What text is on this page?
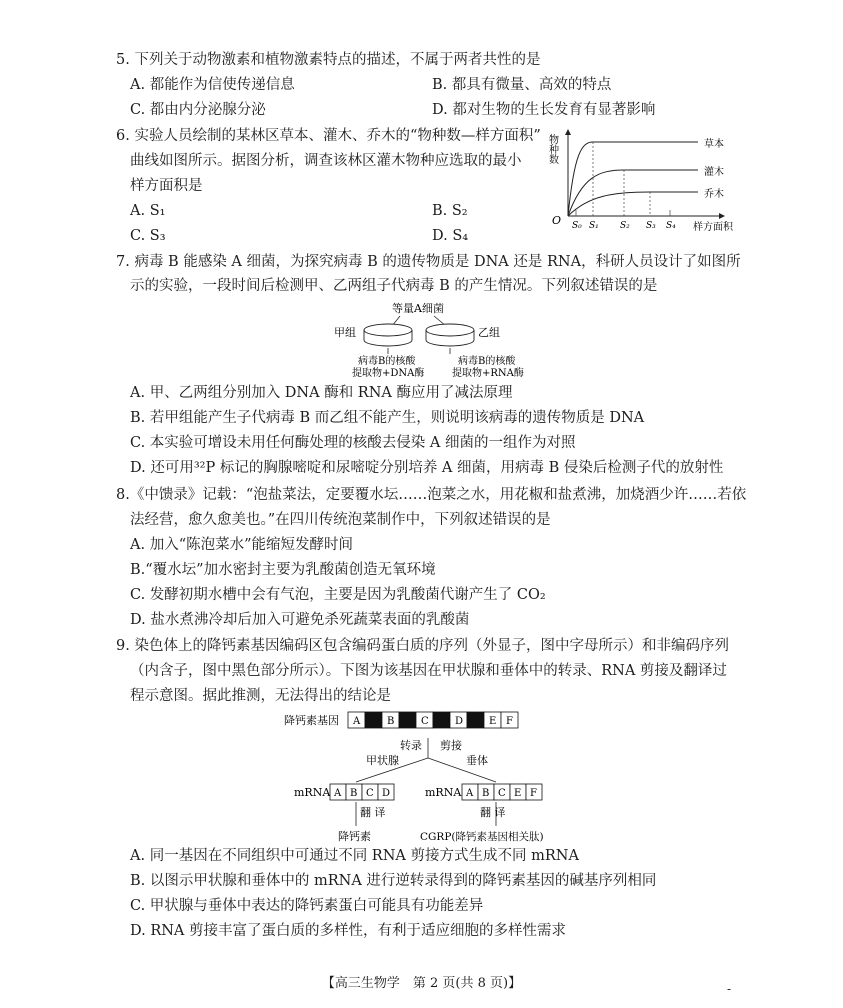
5. 下列关于动物激素和植物激素特点的描述，不属于两者共性的是
A. 都能作为信使传递信息	B. 都具有微量、高效的特点
C. 都由内分泌腺分泌	D. 都对生物的生长发育有显著影响
6. 实验人员绘制的某林区草本、灌木、乔木的“物种数—样方面积”
曲线如图所示。据图分析，调查该林区灌木物种应选取的最小
样方面积是
A. S₁	B. S₂
C. S₃	D. S₄
物种数
O
草本
灌木
乔木
S₀ S₁ S₂ S₃ S₄ 样方面积
7. 病毒 B 能感染 A 细菌，为探究病毒 B 的遗传物质是 DNA 还是 RNA，科研人员设计了如图所
示的实验，一段时间后检测甲、乙两组子代病毒 B 的产生情况。下列叙述错误的是
等量A细菌
甲组	乙组
病毒B的核酸
提取物+DNA酶
病毒B的核酸
提取物+RNA酶
A. 甲、乙两组分别加入 DNA 酶和 RNA 酶应用了减法原理
B. 若甲组能产生子代病毒 B 而乙组不能产生，则说明该病毒的遗传物质是 DNA
C. 本实验可增设未用任何酶处理的核酸去侵染 A 细菌的一组作为对照
D. 还可用³²P 标记的胸腺嘧啶和尿嘧啶分别培养 A 细菌，用病毒 B 侵染后检测子代的放射性
8.《中馈录》记载：“泡盐菜法，定要覆水坛……泡菜之水，用花椒和盐煮沸，加烧酒少许……若依
法经营，愈久愈美也。”在四川传统泡菜制作中，下列叙述错误的是
A. 加入“陈泡菜水”能缩短发酵时间
B.“覆水坛”加水密封主要为乳酸菌创造无氧环境
C. 发酵初期水槽中会有气泡，主要是因为乳酸菌代谢产生了 CO₂
D. 盐水煮沸冷却后加入可避免杀死蔬菜表面的乳酸菌
9. 染色体上的降钙素基因编码区包含编码蛋白质的序列（外显子，图中字母所示）和非编码序列
（内含子，图中黑色部分所示）。下图为该基因在甲状腺和垂体中的转录、RNA 剪接及翻译过
程示意图。据此推测，无法得出的结论是
降钙素基因 A	B	C	D	E F
转录 剪接
甲状腺	垂体
mRNA	mRNA
A B C D	A B C E F
翻 译	翻 译
降钙素	CGRP(降钙素基因相关肽)
A. 同一基因在不同组织中可通过不同 RNA 剪接方式生成不同 mRNA
B. 以图示甲状腺和垂体中的 mRNA 进行逆转录得到的降钙素基因的碱基序列相同
C. 甲状腺与垂体中表达的降钙素蛋白可能具有功能差异
D. RNA 剪接丰富了蛋白质的多样性，有利于适应细胞的多样性需求
【高三生物学　第 2 页(共 8 页)】	-
